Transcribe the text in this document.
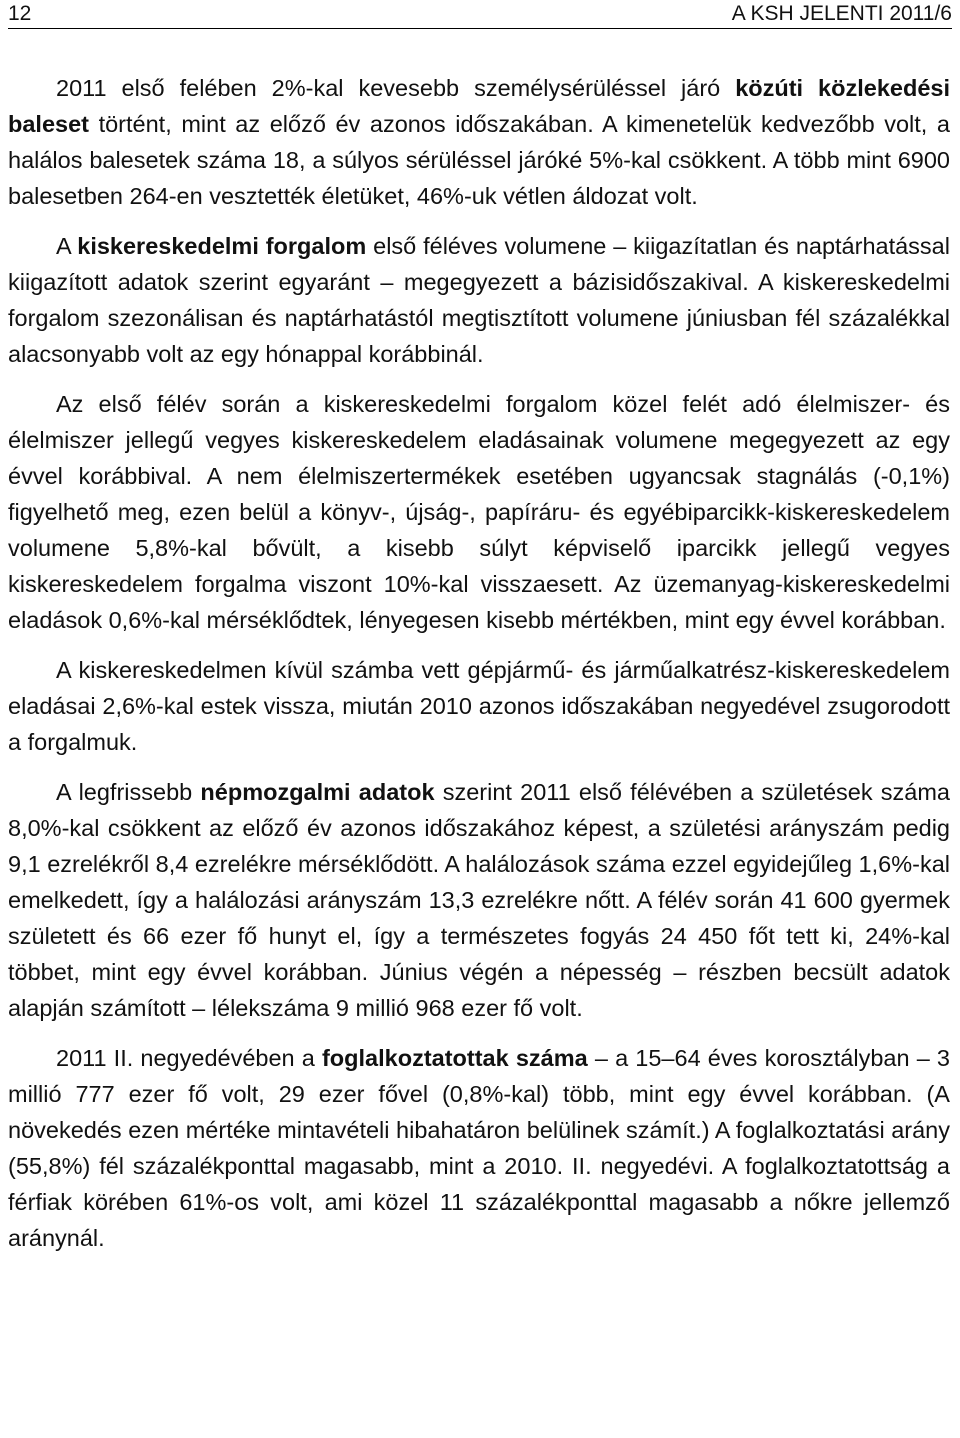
12	A KSH JELENTI 2011/6

2011 első felében 2%-kal kevesebb személysérüléssel járó közúti közlekedési baleset történt, mint az előző év azonos időszakában. A kimenetelük kedvezőbb volt, a halálos balesetek száma 18, a súlyos sérüléssel járóké 5%-kal csökkent. A több mint 6900 balesetben 264-en vesztették életüket, 46%-uk vétlen áldozat volt.

A kiskereskedelmi forgalom első féléves volumene – kiigazítatlan és naptárhatással kiigazított adatok szerint egyaránt – megegyezett a bázisidőszakival. A kiskereskedelmi forgalom szezonálisan és naptárhatástól megtisztított volumene júniusban fél százalékkal alacsonyabb volt az egy hónappal korábbinál.

Az első félév során a kiskereskedelmi forgalom közel felét adó élelmiszer- és élelmiszer jellegű vegyes kiskereskedelem eladásainak volumene megegyezett az egy évvel korábbival. A nem élelmiszertermékek esetében ugyancsak stagnálás (-0,1%) figyelhető meg, ezen belül a könyv-, újság-, papíráru- és egyébiparcikk-kiskereskedelem volumene 5,8%-kal bővült, a kisebb súlyt képviselő iparcikk jellegű vegyes kiskereskedelem forgalma viszont 10%-kal visszaesett. Az üzemanyag-kiskereskedelmi eladások 0,6%-kal mérséklődtek, lényegesen kisebb mértékben, mint egy évvel korábban.

A kiskereskedelmen kívül számba vett gépjármű- és járműalkatrész-kiskereskedelem eladásai 2,6%-kal estek vissza, miután 2010 azonos időszakában negyedével zsugorodott a forgalmuk.

A legfrissebb népmozgalmi adatok szerint 2011 első félévében a születések száma 8,0%-kal csökkent az előző év azonos időszakához képest, a születési arányszám pedig 9,1 ezrelékről 8,4 ezrelékre mérséklődött. A halálozások száma ezzel egyidejűleg 1,6%-kal emelkedett, így a halálozási arányszám 13,3 ezrelékre nőtt. A félév során 41 600 gyermek született és 66 ezer fő hunyt el, így a természetes fogyás 24 450 főt tett ki, 24%-kal többet, mint egy évvel korábban. Június végén a népesség – részben becsült adatok alapján számított – lélekszáma 9 millió 968 ezer fő volt.

2011 II. negyedévében a foglalkoztatottak száma – a 15–64 éves korosztályban – 3 millió 777 ezer fő volt, 29 ezer fővel (0,8%-kal) több, mint egy évvel korábban. (A növekedés ezen mértéke mintavételi hibahatáron belülinek számít.) A foglalkoztatási arány (55,8%) fél százalékponttal magasabb, mint a 2010. II. negyedévi. A foglalkoztatottság a férfiak körében 61%-os volt, ami közel 11 százalékponttal magasabb a nőkre jellemző aránynál.
